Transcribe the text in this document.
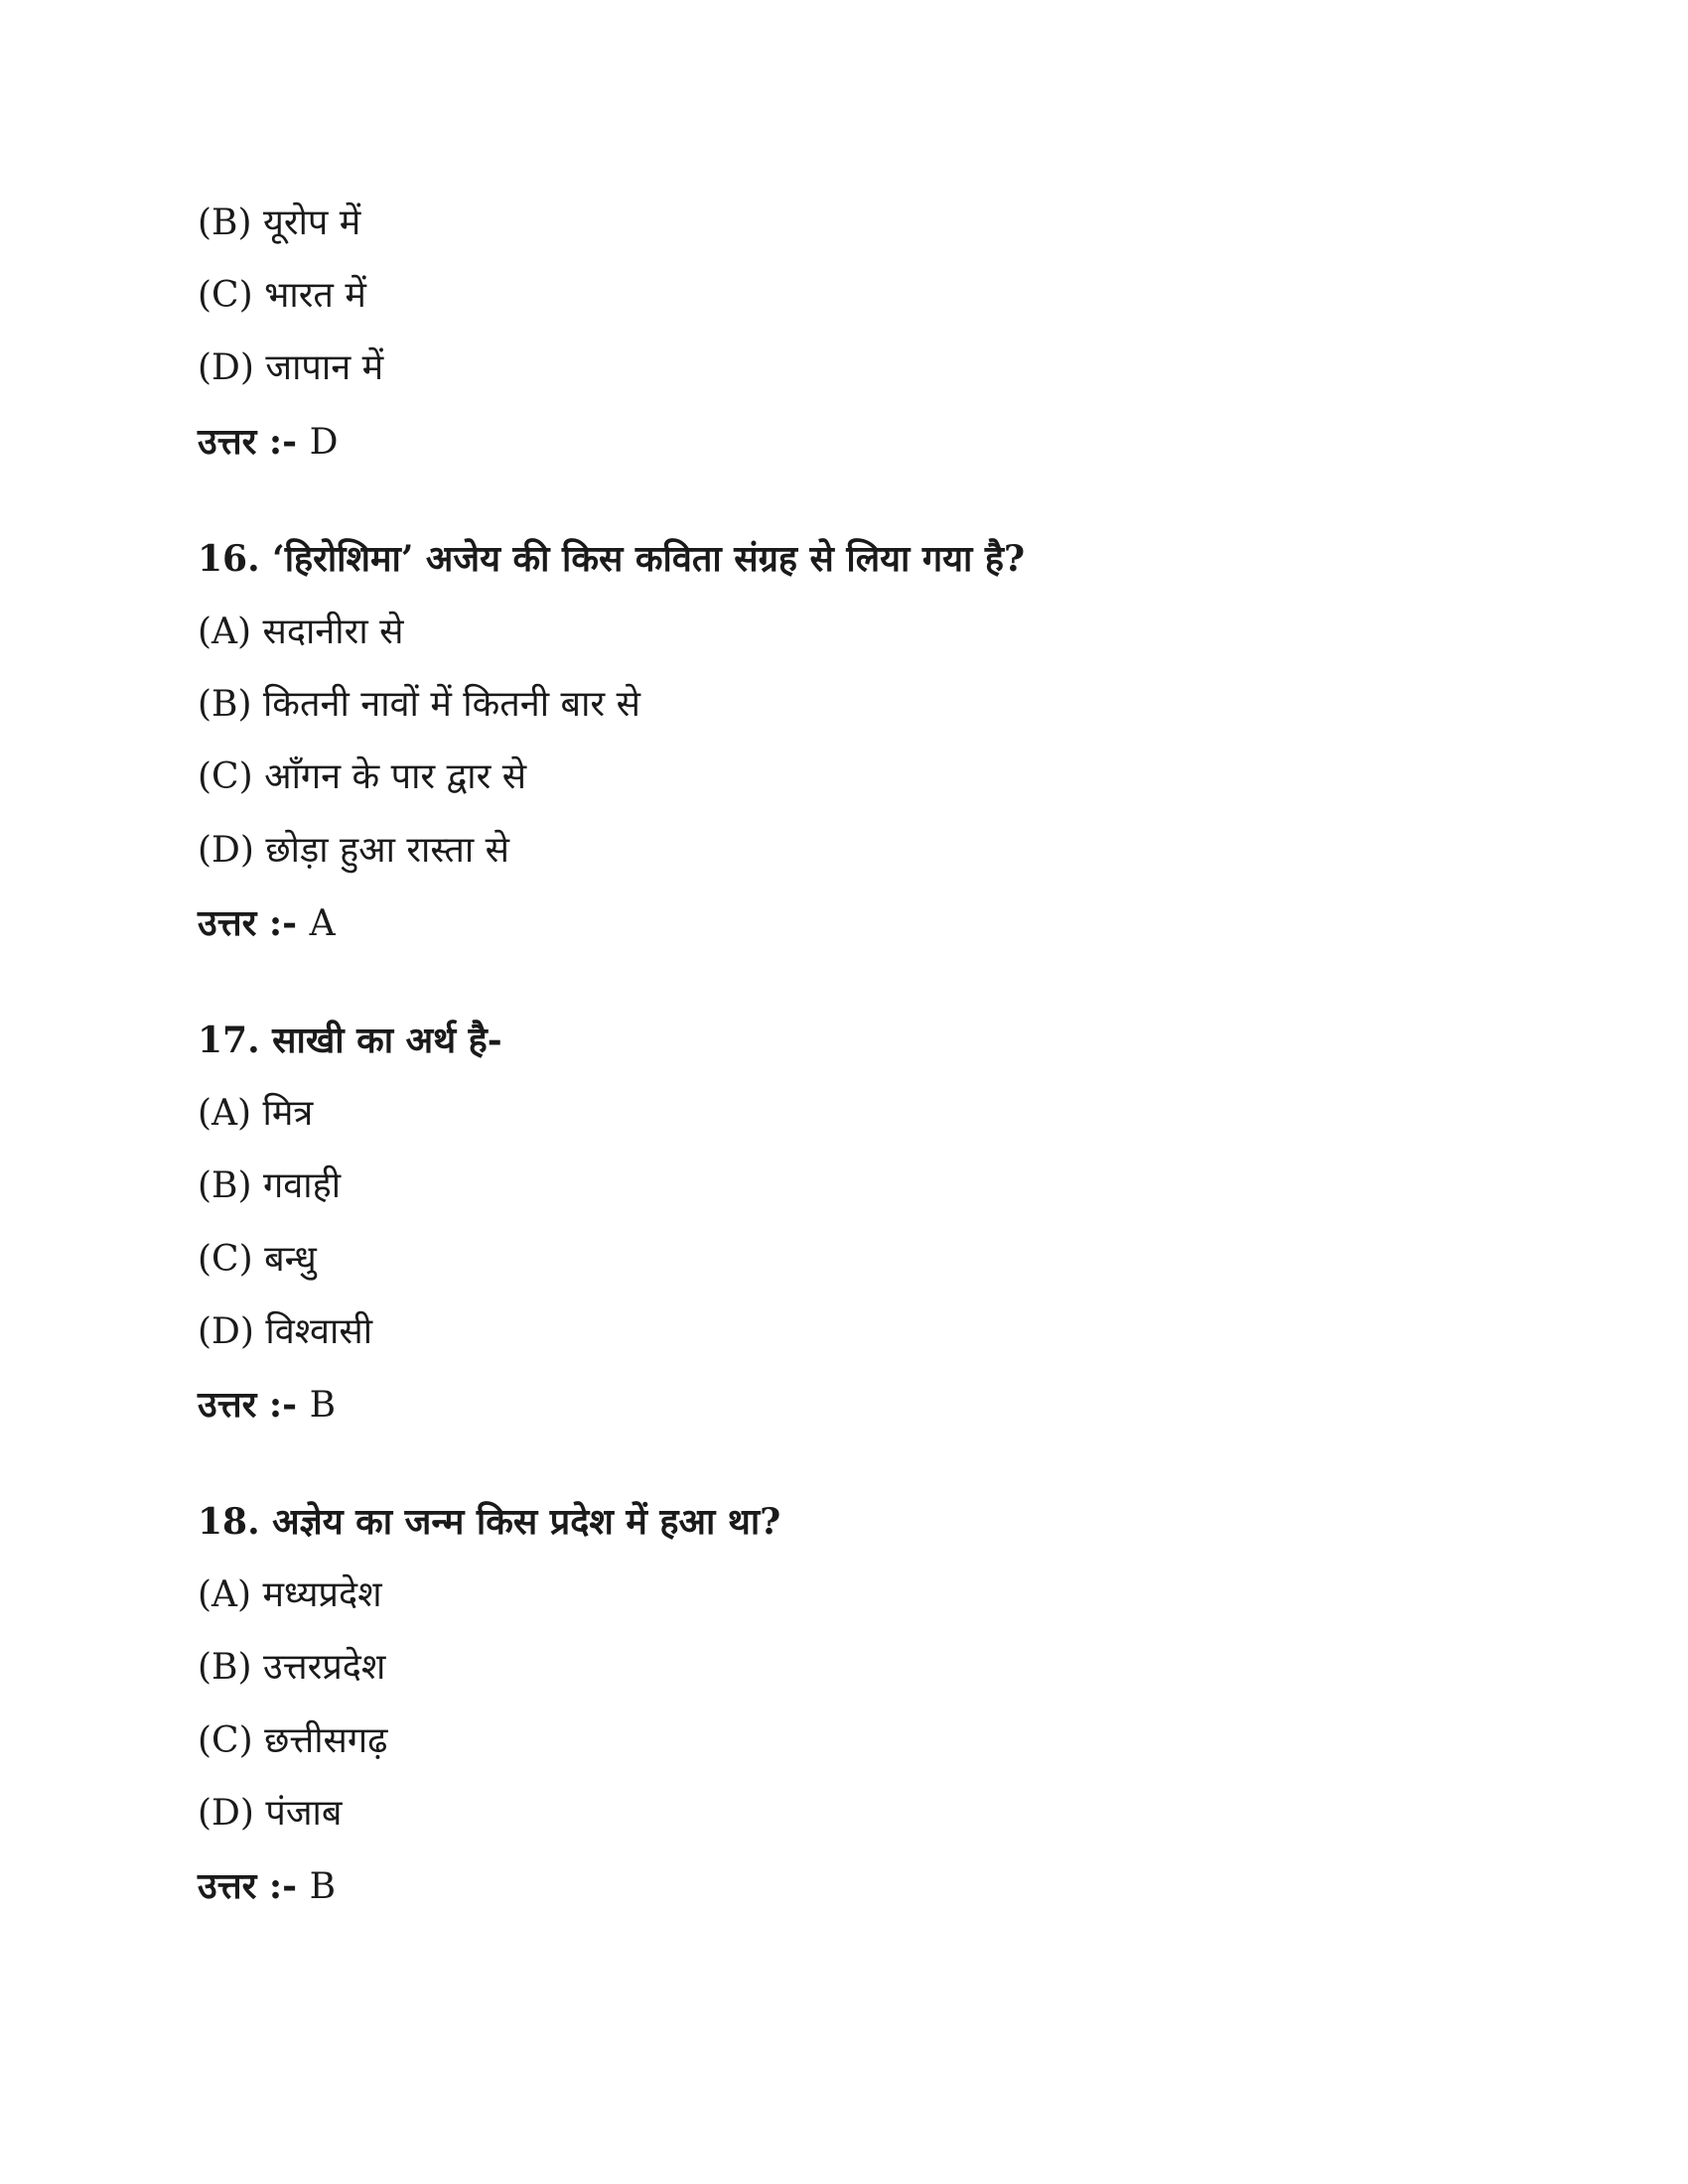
(B) यूरोप में
(C) भारत में
(D) जापान में
उत्तर :- D
16. ‘हिरोशिमा’ अजेय की किस कविता संग्रह से लिया गया है?
(A) सदानीरा से
(B) कितनी नावों में कितनी बार से
(C) आँगन के पार द्वार से
(D) छोड़ा हुआ रास्ता से
उत्तर :- A
17. साखी का अर्थ है-
(A) मित्र
(B) गवाही
(C) बन्धु
(D) विश्वासी
उत्तर :- B
18. अज्ञेय का जन्म किस प्रदेश में हआ था?
(A) मध्यप्रदेश
(B) उत्तरप्रदेश
(C) छत्तीसगढ़
(D) पंजाब
उत्तर :- B
